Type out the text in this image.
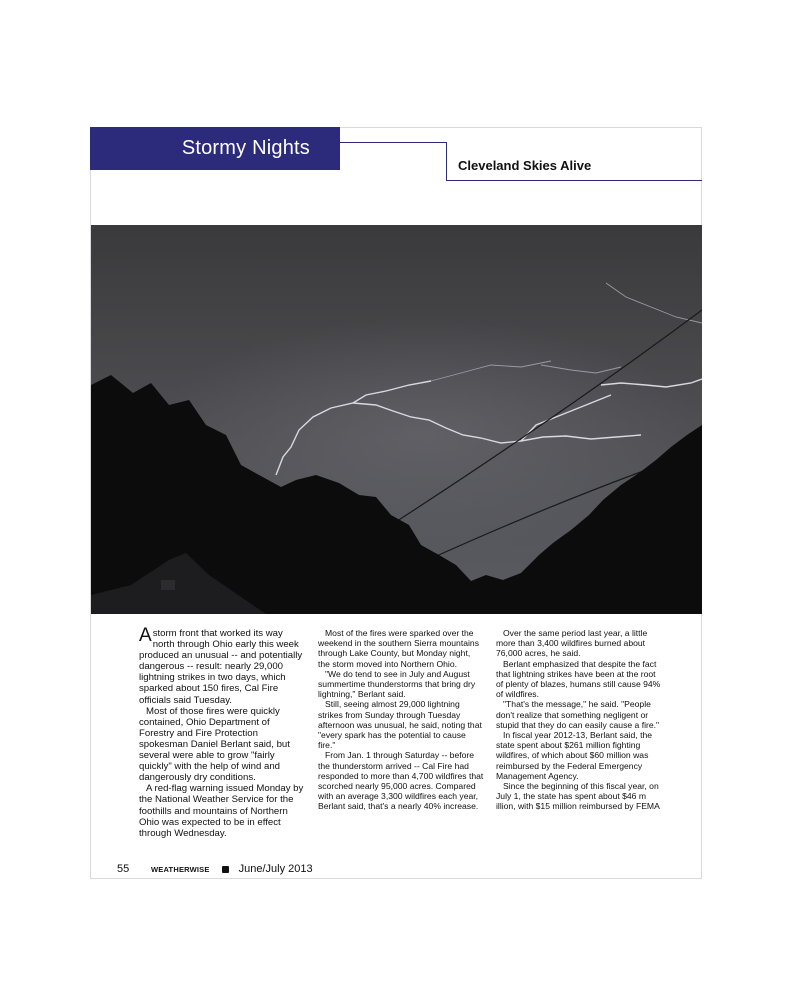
Stormy Nights
Cleveland Skies Alive

A storm front that worked its way north through Ohio early this week produced an unusual -- and potentially dangerous -- result: nearly 29,000 lightning strikes in two days, which sparked about 150 fires, Cal Fire officials said Tuesday.

Most of those fires were quickly contained, Ohio Department of Forestry and Fire Protection spokesman Daniel Berlant said, but several were able to grow "fairly quickly" with the help of wind and dangerously dry conditions.

A red-flag warning issued Monday by the National Weather Service for the foothills and mountains of Northern Ohio was expected to be in effect through Wednesday.

Most of the fires were sparked over the weekend in the southern Sierra mountains through Lake County, but Monday night, the storm moved into Northern Ohio.

"We do tend to see in July and August summertime thunderstorms that bring dry lightning," Berlant said.

Still, seeing almost 29,000 lightning strikes from Sunday through Tuesday afternoon was unusual, he said, noting that "every spark has the potential to cause fire."

From Jan. 1 through Saturday -- before the thunderstorm arrived -- Cal Fire had responded to more than 4,700 wildfires that scorched nearly 95,000 acres. Compared with an average 3,300 wildfires each year, Berlant said, that's a nearly 40% increase.

Over the same period last year, a little more than 3,400 wildfires burned about 76,000 acres, he said.

Berlant emphasized that despite the fact that lightning strikes have been at the root of plenty of blazes, humans still cause 94% of wildfires.

"That's the message," he said. "People don't realize that something negligent or stupid that they do can easily cause a fire."

In fiscal year 2012-13, Berlant said, the state spent about $261 million fighting wildfires, of which about $60 million was reimbursed by the Federal Emergency Management Agency.

Since the beginning of this fiscal year, on July 1, the state has spent about $46 m illion, with $15 million reimbursed by FEMA

55	WEATHERWISE	June/July 2013
